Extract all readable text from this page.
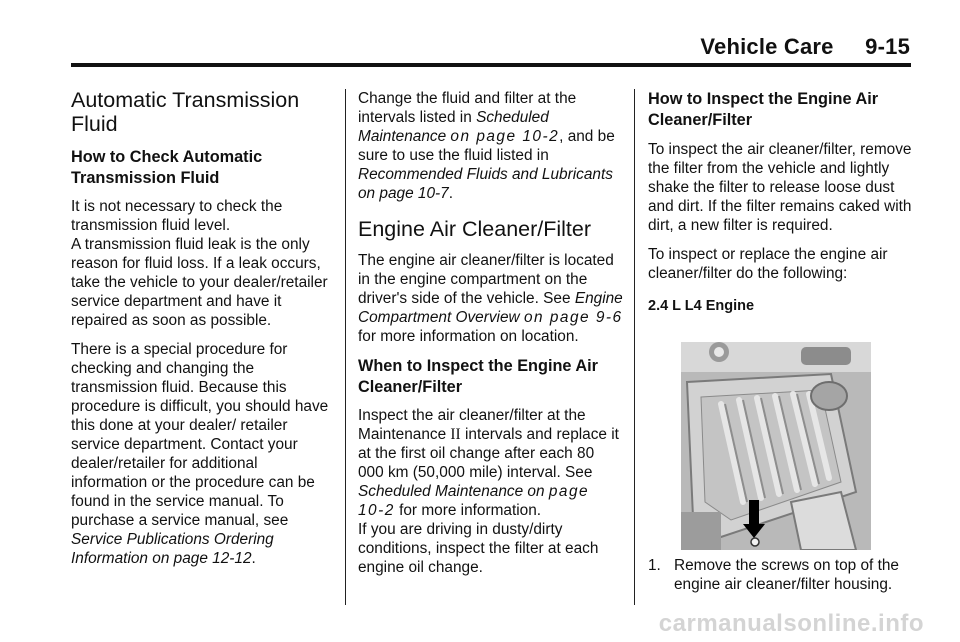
Vehicle Care     9-15
Automatic Transmission Fluid
How to Check Automatic Transmission Fluid

It is not necessary to check the transmission fluid level.

A transmission fluid leak is the only reason for fluid loss. If a leak occurs, take the vehicle to your dealer/retailer service department and have it repaired as soon as possible.

There is a special procedure for checking and changing the transmission fluid. Because this procedure is difficult, you should have this done at your dealer/ retailer service department. Contact your dealer/retailer for additional information or the procedure can be found in the service manual. To purchase a service manual, see Service Publications Ordering Information on page 12‑12.

Change the fluid and filter at the intervals listed in Scheduled Maintenance on page 10‑2, and be sure to use the fluid listed in Recommended Fluids and Lubricants on page 10‑7.

Engine Air Cleaner/Filter

The engine air cleaner/filter is located in the engine compartment on the driver's side of the vehicle. See Engine Compartment Overview on page 9‑6 for more information on location.

When to Inspect the Engine Air Cleaner/Filter

Inspect the air cleaner/filter at the Maintenance II intervals and replace it at the first oil change after each 80 000 km (50,000 mile) interval. See Scheduled Maintenance on page 10‑2 for more information.

If you are driving in dusty/dirty conditions, inspect the filter at each engine oil change.

How to Inspect the Engine Air Cleaner/Filter

To inspect the air cleaner/filter, remove the filter from the vehicle and lightly shake the filter to release loose dust and dirt. If the filter remains caked with dirt, a new filter is required.

To inspect or replace the engine air cleaner/filter do the following:

2.4 L L4 Engine
1. Remove the screws on top of the engine air cleaner/filter housing.
carmanualsonline.info
